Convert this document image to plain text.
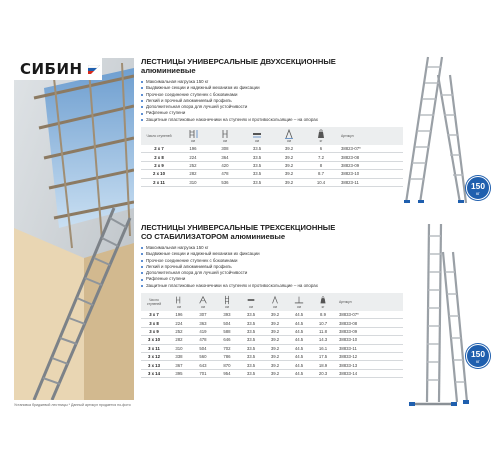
СИБИН
Установка бриджевой лестницы * Данный артикул продается по-фото

ЛЕСТНИЦЫ УНИВЕРСАЛЬНЫЕ ДВУХСЕКЦИОННЫЕ
алюминиевые

Максимальная нагрузка 150 кг
Выдвижные секции и надежный механизм их фиксации
Прочное соединение ступенек с боковинами
Легкий и прочный алюминиевый профиль
Дополнительная опора для лучшей устойчивости
Рифленые ступени
Защитные пластиковые наконечники на ступенях и противоскользящие – на опорах
Число ступеней	см	см	см	см	кг	Артикул
2 x 7	196	308	33.5	39.2	6	38823-07*
2 x 8	224	364	33.5	39.2	7.2	38823-08
2 x 9	252	420	33.5	39.2	8	38823-09
2 x 10	282	478	33.5	39.2	8.7	38823-10
2 x 11	310	536	33.5	39.2	10.4	38823-11	150
кг

ЛЕСТНИЦЫ УНИВЕРСАЛЬНЫЕ ТРЕХСЕКЦИОННЫЕ
СО СТАБИЛИЗАТОРОМ алюминиевые

Максимальная нагрузка 150 кг
Выдвижные секции и надежный механизм их фиксации
Прочное соединение ступенек с боковинами
Легкий и прочный алюминиевый профиль
Дополнительная опора для лучшей устойчивости
Рифленые ступени
Защитные пластиковые наконечники на ступенях и противоскользящие – на опорах
Число ступеней	см	см	см	см	см	см	кг	Артикул
3 x 7	196	307	393	33.5	39.2	44.5	8.9	38833-07*
3 x 8	224	363	504	33.5	39.2	44.5	10.7	38833-08
3 x 9	252	419	588	33.5	39.2	44.5	11.8	38833-09
3 x 10	282	478	646	33.5	39.2	44.5	14.3	38833-10
3 x 11	310	504	702	33.5	39.2	44.5	16.1	38833-11
3 x 12	338	560	786	33.5	39.2	44.5	17.5	38833-12
3 x 13	367	643	870	33.5	39.2	44.5	18.9	38833-13
3 x 14	395	701	954	33.5	39.2	44.5	20.3	38833-14
150
кг
